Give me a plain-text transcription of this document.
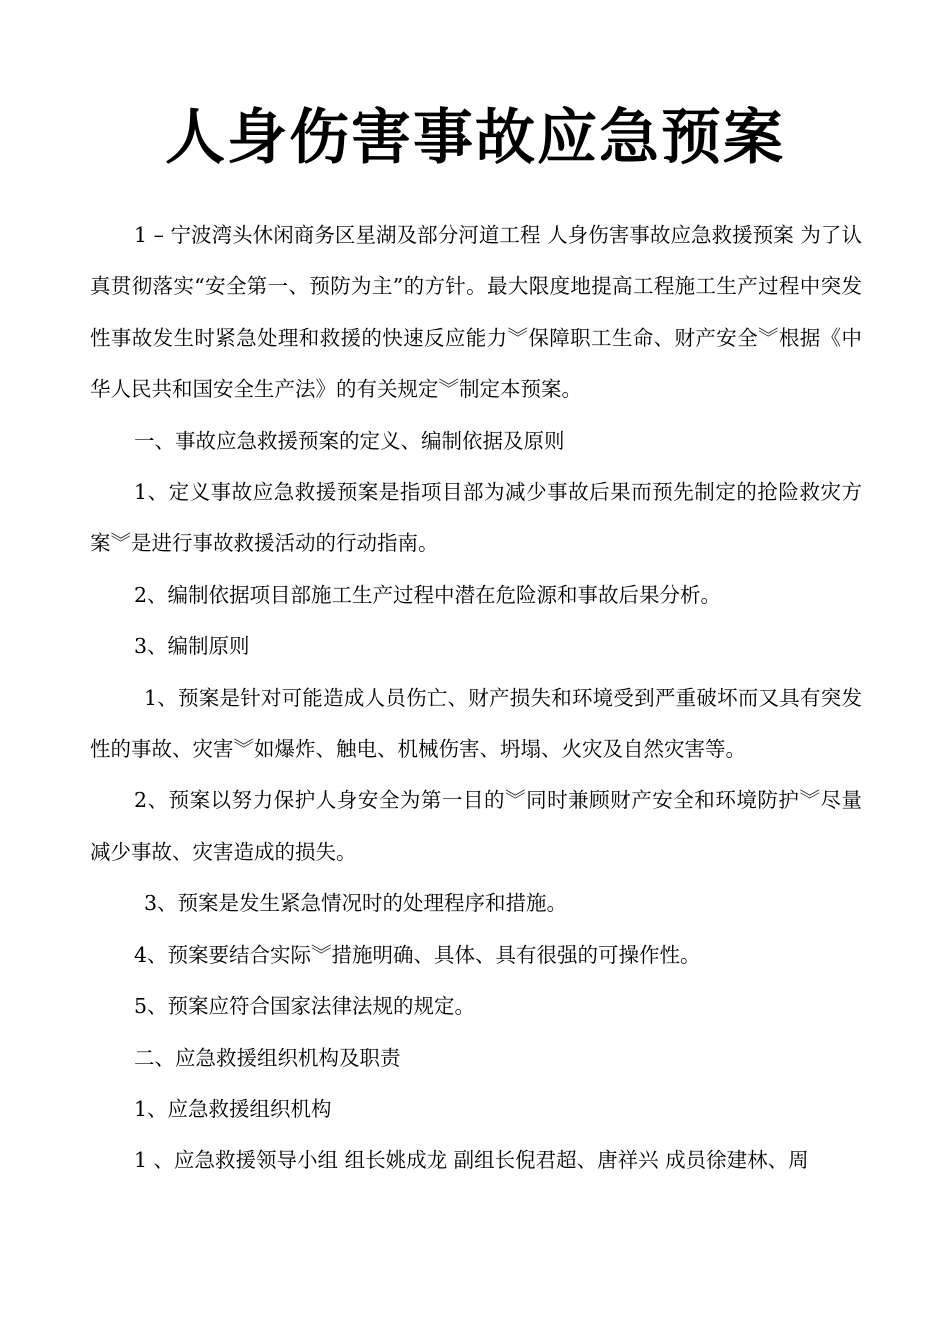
人身伤害事故应急预案

1 – 宁波湾头休闲商务区星湖及部分河道工程 人身伤害事故应急救援预案 为了认真贯彻落实“安全第一、预防为主”的方针。最大限度地提高工程施工生产过程中突发性事故发生时紧急处理和救援的快速反应能力︾保障职工生命、财产安全︾根据《中华人民共和国安全生产法》的有关规定︾制定本预案。

一、事故应急救援预案的定义、编制依据及原则

1、定义事故应急救援预案是指项目部为减少事故后果而预先制定的抢险救灾方案︾是进行事故救援活动的行动指南。

2、编制依据项目部施工生产过程中潜在危险源和事故后果分析。

3、编制原则

1、预案是针对可能造成人员伤亡、财产损失和环境受到严重破坏而又具有突发性的事故、灾害︾如爆炸、触电、机械伤害、坍塌、火灾及自然灾害等。

2、预案以努力保护人身安全为第一目的︾同时兼顾财产安全和环境防护︾尽量减少事故、灾害造成的损失。

3、预案是发生紧急情况时的处理程序和措施。

4、预案要结合实际︾措施明确、具体、具有很强的可操作性。

5、预案应符合国家法律法规的规定。

二、应急救援组织机构及职责

1、应急救援组织机构

1 、应急救援领导小组 组长姚成龙 副组长倪君超、唐祥兴 成员徐建林、周
